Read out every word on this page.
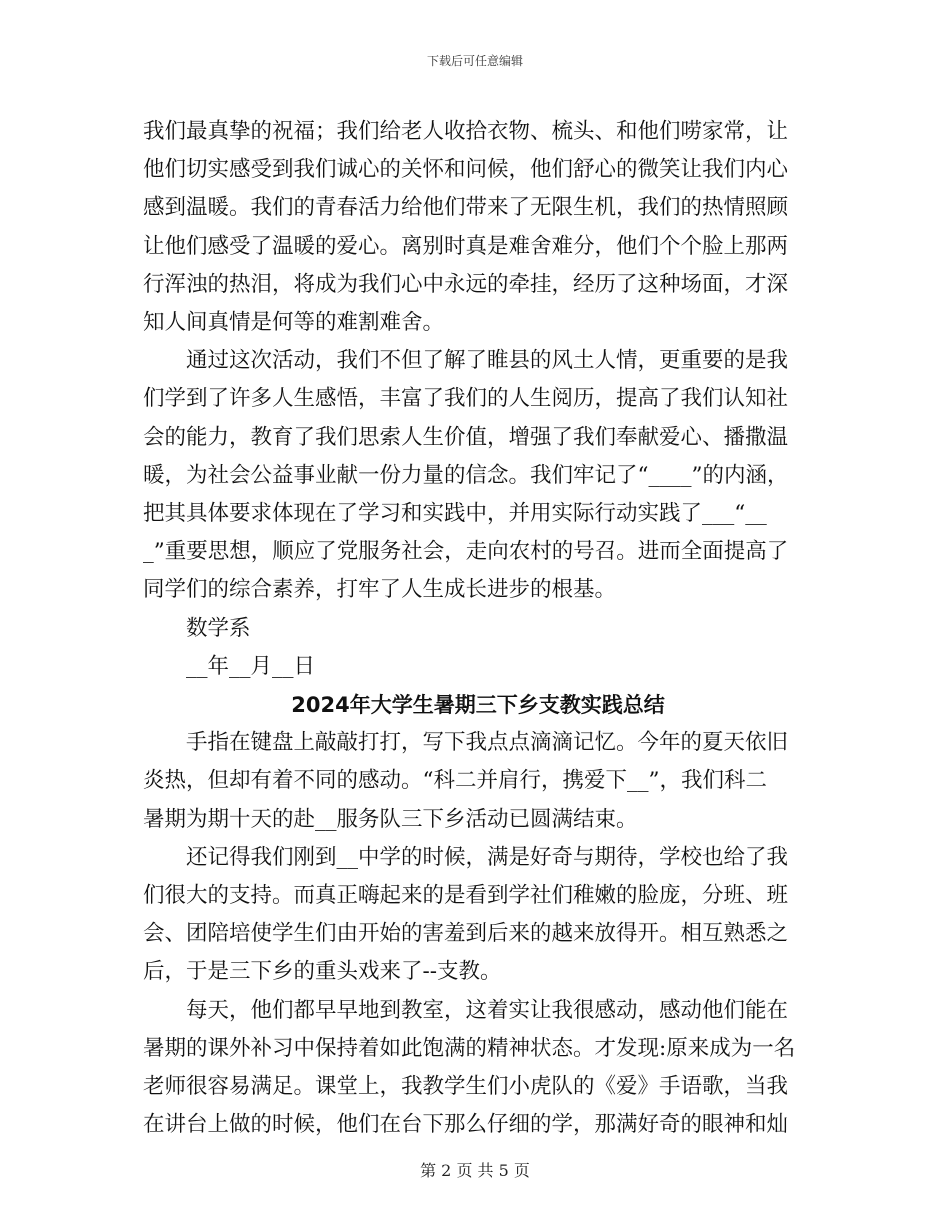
下载后可任意编辑

我们最真挚的祝福；我们给老人收拾衣物、梳头、和他们唠家常，让
他们切实感受到我们诚心的关怀和问候，他们舒心的微笑让我们内心
感到温暖。我们的青春活力给他们带来了无限生机，我们的热情照顾
让他们感受了温暖的爱心。离别时真是难舍难分，他们个个脸上那两
行浑浊的热泪，将成为我们心中永远的牵挂，经历了这种场面，才深
知人间真情是何等的难割难舍。

通过这次活动，我们不但了解了睢县的风土人情，更重要的是我
们学到了许多人生感悟，丰富了我们的人生阅历，提高了我们认知社
会的能力，教育了我们思索人生价值，增强了我们奉献爱心、播撒温
暖，为社会公益事业献一份力量的信念。我们牢记了“____”的内涵，
把其具体要求体现在了学习和实践中，并用实际行动实践了___“__
_”重要思想，顺应了党服务社会，走向农村的号召。进而全面提高了
同学们的综合素养，打牢了人生成长进步的根基。

数学系

__年__月__日

2024年大学生暑期三下乡支教实践总结

手指在键盘上敲敲打打，写下我点点滴滴记忆。今年的夏天依旧
炎热，但却有着不同的感动。“科二并肩行，携爱下__”，我们科二
暑期为期十天的赴__服务队三下乡活动已圆满结束。

还记得我们刚到__中学的时候，满是好奇与期待，学校也给了我
们很大的支持。而真正嗨起来的是看到学社们稚嫩的脸庞，分班、班
会、团陪培使学生们由开始的害羞到后来的越来放得开。相互熟悉之
后，于是三下乡的重头戏来了--支教。

每天，他们都早早地到教室，这着实让我很感动，感动他们能在
暑期的课外补习中保持着如此饱满的精神状态。才发现:原来成为一名
老师很容易满足。课堂上，我教学生们小虎队的《爱》手语歌，当我
在讲台上做的时候，他们在台下那么仔细的学，那满好奇的眼神和灿

第 2 页 共 5 页
